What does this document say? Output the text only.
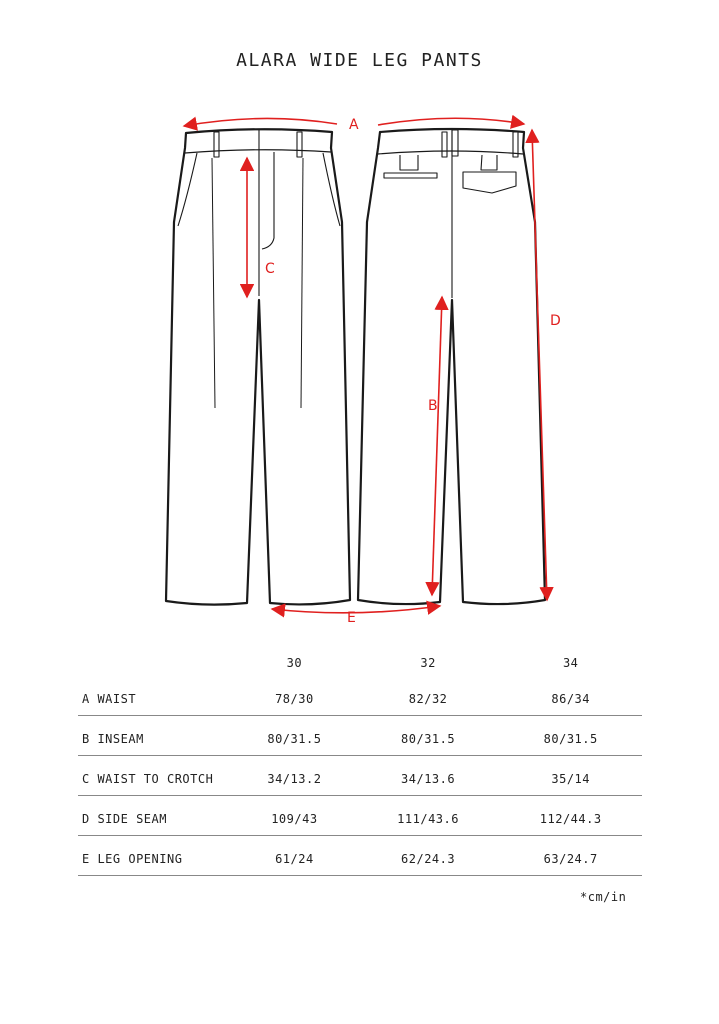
ALARA WIDE LEG PANTS
A
C
D
B
E
	30	32	34
A WAIST	78/30	82/32	86/34
B INSEAM	80/31.5	80/31.5	80/31.5
C WAIST TO CROTCH	34/13.2	34/13.6	35/14
D SIDE SEAM	109/43	111/43.6	112/44.3
E LEG OPENING	61/24	62/24.3	63/24.7
*cm/in
